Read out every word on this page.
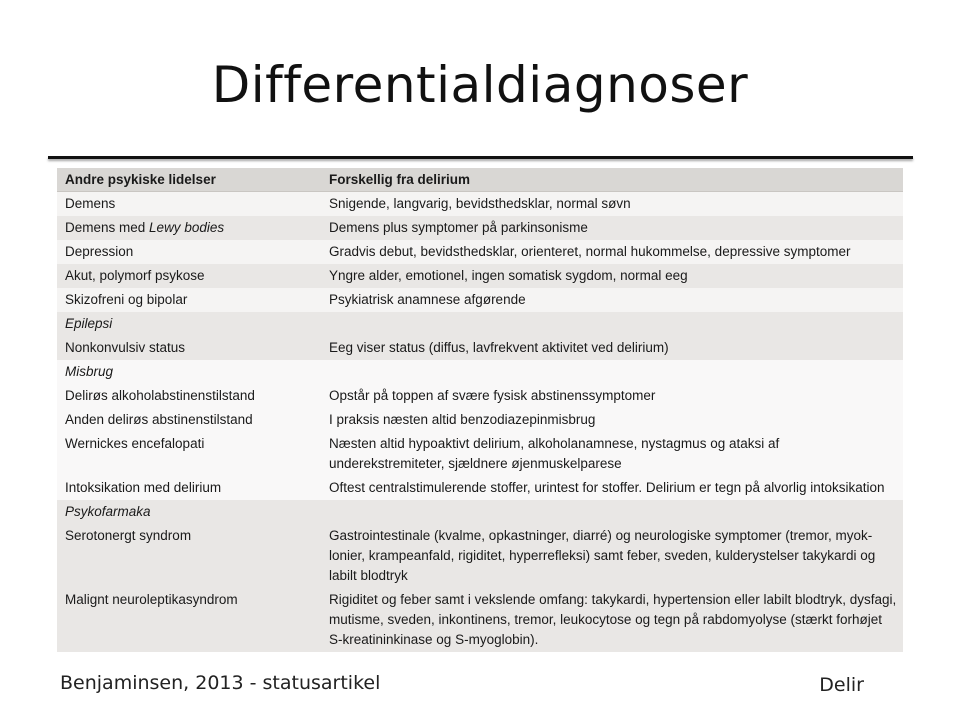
Differentialdiagnoser
Andre psykiske lidelser	Forskellig fra delirium
Demens	Snigende, langvarig, bevidsthedsklar, normal søvn
Demens med Lewy bodies	Demens plus symptomer på parkinsonisme
Depression	Gradvis debut, bevidsthedsklar, orienteret, normal hukommelse, depressive symptomer
Akut, polymorf psykose	Yngre alder, emotionel, ingen somatisk sygdom, normal eeg
Skizofreni og bipolar	Psykiatrisk anamnese afgørende
Epilepsi	
Nonkonvulsiv status	Eeg viser status (diffus, lavfrekvent aktivitet ved delirium)
Misbrug	
Delirøs alkoholabstinenstilstand	Opstår på toppen af svære fysisk abstinenssymptomer
Anden delirøs abstinenstilstand	I praksis næsten altid benzodiazepinmisbrug
Wernickes encefalopati	Næsten altid hypoaktivt delirium, alkoholanamnese, nystagmus og ataksi af underekstremiteter, sjældnere øjenmuskelparese
Intoksikation med delirium	Oftest centralstimulerende stoffer, urintest for stoffer. Delirium er tegn på alvorlig intoksikation
Psykofarmaka	
Serotonergt syndrom	Gastrointestinale (kvalme, opkastninger, diarré) og neurologiske symptomer (tremor, myok-lonier, krampeanfald, rigiditet, hyperrefleksi) samt feber, sveden, kulderystelser takykardi og labilt blodtryk
Malignt neuroleptikasyndrom	Rigiditet og feber samt i vekslende omfang: takykardi, hypertension eller labilt blodtryk, dysfagi, mutisme, sveden, inkontinens, tremor, leukocytose og tegn på rabdomyolyse (stærkt forhøjet S-kreatininkinase og S-myoglobin).
Benjaminsen, 2013 - statusartikel	Delir
